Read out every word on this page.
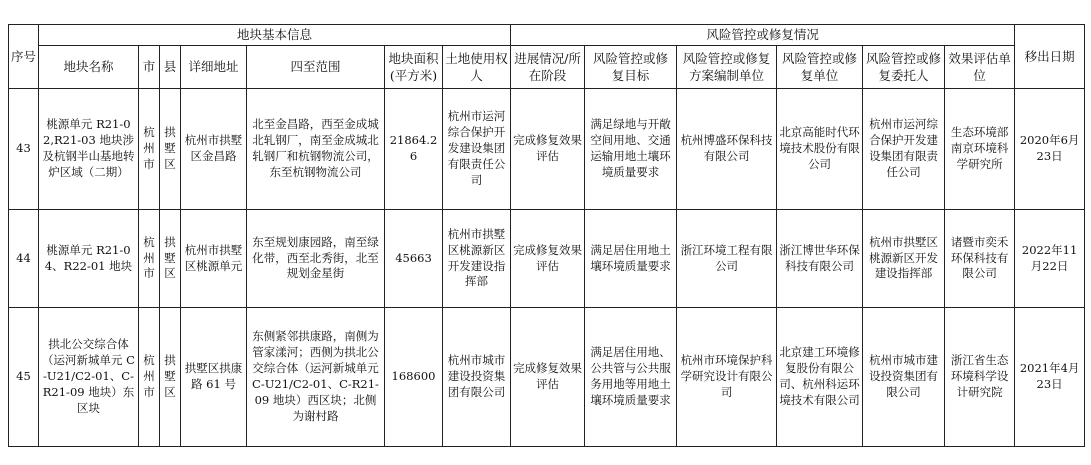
序号	地块基本信息							风险管控或修复情况						移出日期
	地块名称	市	县	详细地址	四至范围	地块面积(平方米)	土地使用权人	进展情况/所在阶段	风险管控或修复目标	风险管控或修复方案编制单位	风险管控或修复单位	风险管控或修复委托人	效果评估单位	
43	桃源单元 R21-02,R21-03 地块涉及杭钢半山基地转炉区域（二期）	杭州市	拱墅区	杭州市拱墅区金昌路	北至金昌路，西至金成城北轧钢厂，南至金成城北轧钢厂和杭钢物流公司，东至杭钢物流公司	21864.26	杭州市运河综合保护开发建设集团有限责任公司	完成修复效果评估	满足绿地与开敞空间用地、交通运输用地土壤环境质量要求	杭州博盛环保科技有限公司	北京高能时代环境技术股份有限公司	杭州市运河综合保护开发建设集团有限责任公司	生态环境部南京环境科学研究所	2020年6月23日
44	桃源单元 R21-04、R22-01 地块	杭州市	拱墅区	杭州市拱墅区桃源单元	东至规划康园路，南至绿化带，西至北秀街，北至规划金星街	45663	杭州市拱墅区桃源新区开发建设指挥部	完成修复效果评估	满足居住用地土壤环境质量要求	浙江环境工程有限公司	浙江博世华环保科技有限公司	杭州市拱墅区桃源新区开发建设指挥部	诸暨市奕禾环保科技有限公司	2022年11月22日
45	拱北公交综合体（运河新城单元 C-U21/C2-01、C-R21-09 地块）东区块	杭州市	拱墅区	拱墅区拱康路 61 号	东侧紧邻拱康路，南侧为管家漾河；西侧为拱北公交综合体（运河新城单元 C-U21/C2-01、C-R21-09 地块）西区块；北侧为谢村路	168600	杭州市城市建设投资集团有限公司	完成修复效果评估	满足居住用地、公共管与公共服务用地等用地土壤环境质量要求	杭州市环境保护科学研究设计有限公司	北京建工环境修复股份有限公司、杭州科运环境技术有限公司	杭州市城市建设投资集团有限公司	浙江省生态环境科学设计研究院	2021年4月23日
